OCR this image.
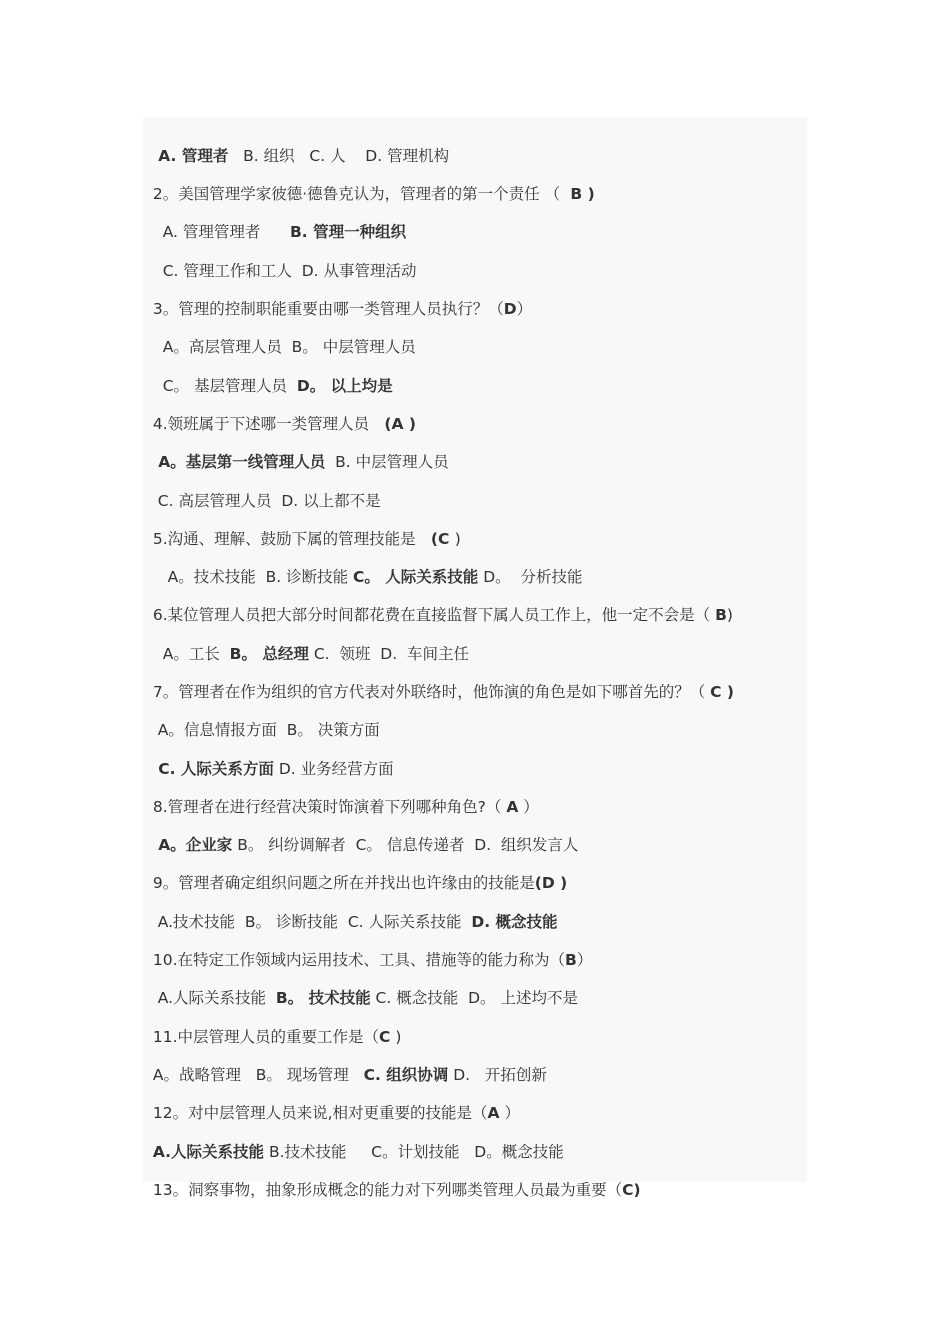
A. 管理者   B. 组织   C. 人    D. 管理机构

2。美国管理学家彼德·德鲁克认为，管理者的第一个责任 （  B )

A. 管理管理者      B. 管理一种组织

C. 管理工作和工人  D. 从事管理活动

3。管理的控制职能重要由哪一类管理人员执行？（D）

A。高层管理人员  B。 中层管理人员

C。 基层管理人员  D。 以上均是

4.领班属于下述哪一类管理人员   (A )

A。基层第一线管理人员  B. 中层管理人员

C. 高层管理人员  D. 以上都不是

5.沟通、理解、鼓励下属的管理技能是   (C )

A。技术技能  B. 诊断技能 C。 人际关系技能 D。  分析技能

6.某位管理人员把大部分时间都花费在直接监督下属人员工作上，他一定不会是（ B)

A。工长  B。 总经理 C.  领班  D.  车间主任

7。管理者在作为组织的官方代表对外联络时，他饰演的角色是如下哪首先的？（ C )

A。信息情报方面  B。 决策方面

C. 人际关系方面 D. 业务经营方面

8.管理者在进行经营决策时饰演着下列哪种角色?（ A ）

A。企业家 B。 纠纷调解者  C。 信息传递者  D.  组织发言人

9。管理者确定组织问题之所在并找出也许缘由的技能是(D )

A.技术技能  B。 诊断技能  C. 人际关系技能  D. 概念技能

10.在特定工作领域内运用技术、工具、措施等的能力称为（B）

A.人际关系技能  B。 技术技能 C. 概念技能  D。 上述均不是

11.中层管理人员的重要工作是（C )

A。战略管理   B。 现场管理   C. 组织协调 D.   开拓创新

12。对中层管理人员来说,相对更重要的技能是（A ）

A.人际关系技能 B.技术技能     C。计划技能   D。概念技能

13。洞察事物，抽象形成概念的能力对下列哪类管理人员最为重要（C)
